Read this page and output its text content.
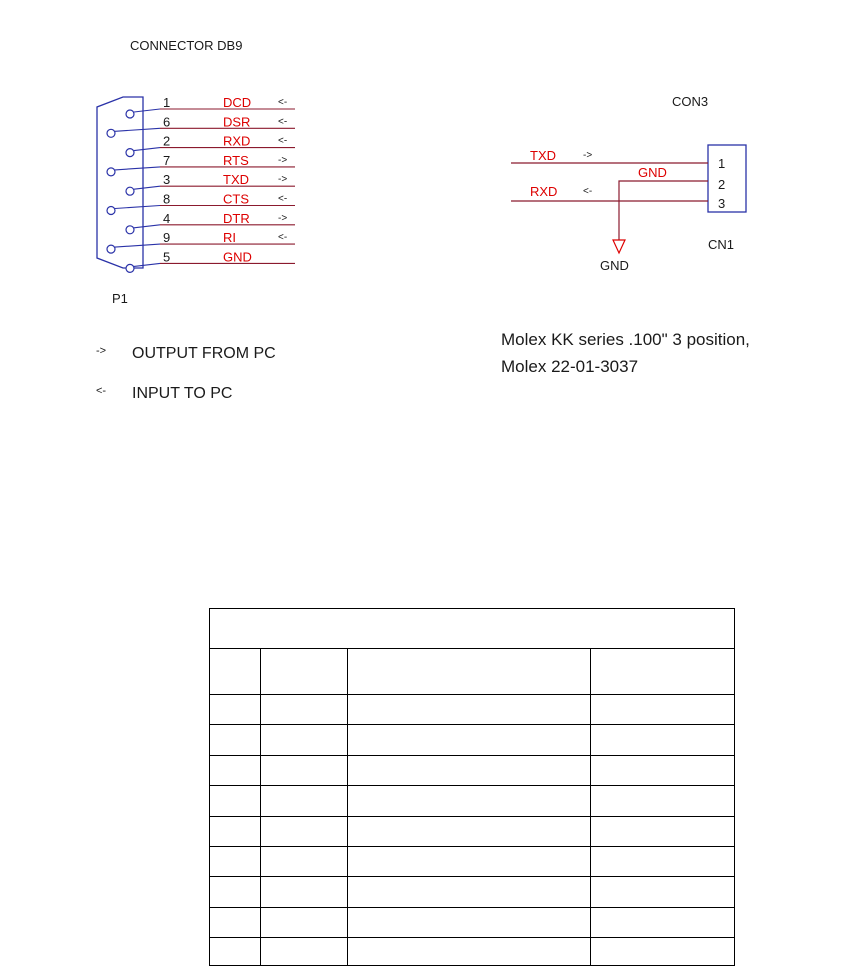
CONNECTOR DB9
1	DCD	<-
6	DSR	<-
2	RXD	<-
7	RTS	->
3	TXD	->
8	CTS	<-
4	DTR	->
9	RI	<-
5	GND
P1
-> OUTPUT FROM PC
<- INPUT TO PC
CON3
1
2
3
TXD	->
GND
RXD	<-
GND
CN1
Molex KK series .100" 3 position,
Molex 22-01-3037
